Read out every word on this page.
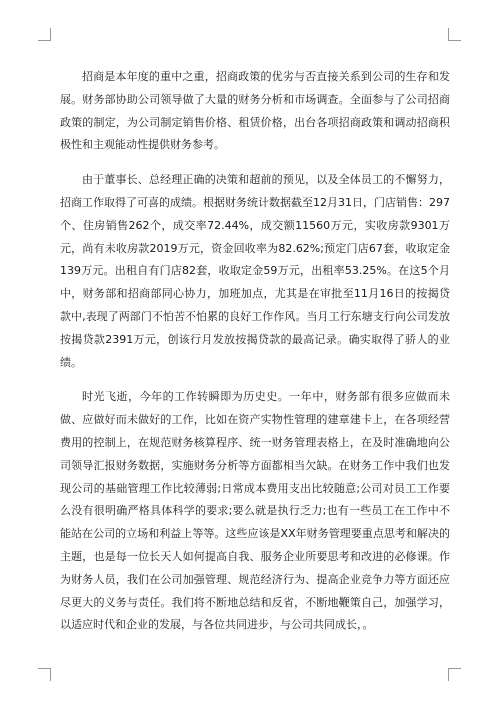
招商是本年度的重中之重，招商政策的优劣与否直接关系到公司的生存和发展。财务部协助公司领导做了大量的财务分析和市场调查。全面参与了公司招商政策的制定，为公司制定销售价格、租赁价格，出台各项招商政策和调动招商积极性和主观能动性提供财务参考。

由于董事长、总经理正确的决策和超前的预见，以及全体员工的不懈努力，招商工作取得了可喜的成绩。根据财务统计数据截至12月31日，门店销售：297个、住房销售262个，成交率72.44%，成交额11560万元，实收房款9301万元，尚有未收房款2019万元，资金回收率为82.62%;预定门店67套，收取定金139万元。出租自有门店82套，收取定金59万元，出租率53.25%。在这5个月中，财务部和招商部同心协力，加班加点，尤其是在审批至11月16日的按揭贷款中,表现了两部门不怕苦不怕累的良好工作作风。当月工行东塘支行向公司发放按揭贷款2391万元，创该行月发放按揭贷款的最高记录。确实取得了骄人的业绩。

时光飞逝，今年的工作转瞬即为历史史。一年中，财务部有很多应做而未做、应做好而未做好的工作，比如在资产实物性管理的建章建卡上，在各项经营费用的控制上，在规范财务核算程序、统一财务管理表格上，在及时准确地向公司领导汇报财务数据，实施财务分析等方面都相当欠缺。在财务工作中我们也发现公司的基础管理工作比较薄弱;日常成本费用支出比较随意;公司对员工工作要么没有很明确严格具体科学的要求;要么就是执行乏力;也有一些员工在工作中不能站在公司的立场和利益上等等。这些应该是XX年财务管理要重点思考和解决的主题，也是每一位长天人如何提高自我、服务企业所要思考和改进的必修课。作为财务人员，我们在公司加强管理、规范经济行为、提高企业竞争力等方面还应尽更大的义务与责任。我们将不断地总结和反省，不断地鞭策自己，加强学习，以适应时代和企业的发展，与各位共同进步，与公司共同成长，。
